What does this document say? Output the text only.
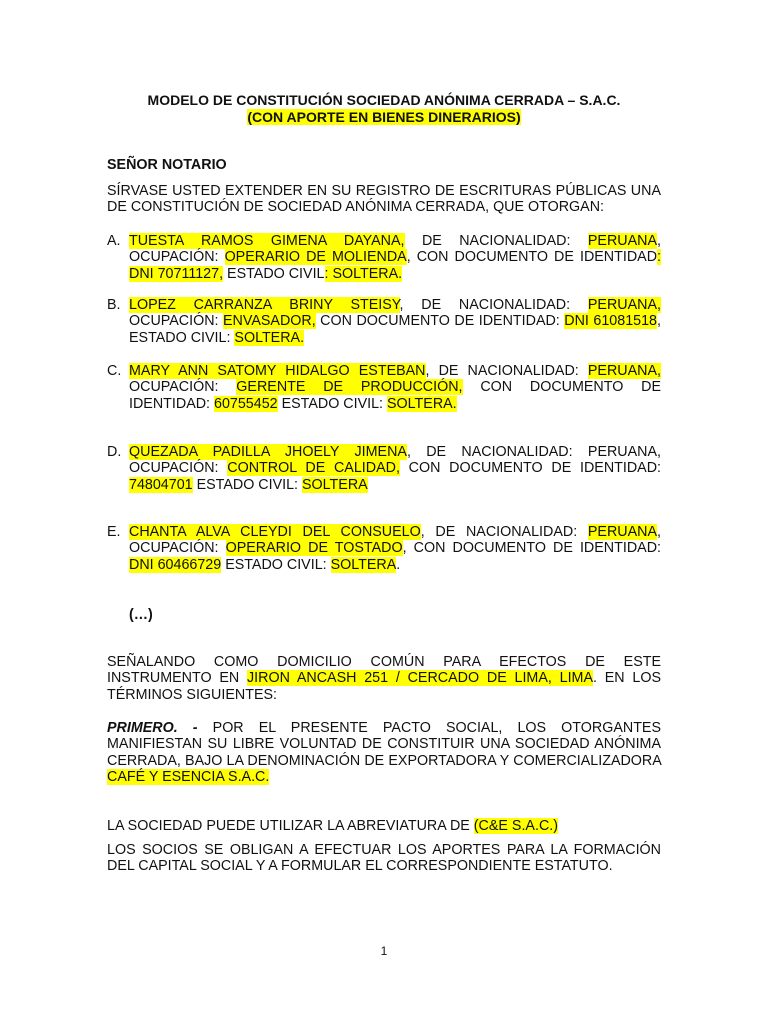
MODELO DE CONSTITUCIÓN SOCIEDAD ANÓNIMA CERRADA – S.A.C.
(CON APORTE EN BIENES DINERARIOS)
SEÑOR NOTARIO
SÍRVASE USTED EXTENDER EN SU REGISTRO DE ESCRITURAS PÚBLICAS UNA DE CONSTITUCIÓN DE SOCIEDAD ANÓNIMA CERRADA, QUE OTORGAN:
A. TUESTA RAMOS GIMENA DAYANA, DE NACIONALIDAD: PERUANA, OCUPACIÓN: OPERARIO DE MOLIENDA, CON DOCUMENTO DE IDENTIDAD: DNI 70711127, ESTADO CIVIL: SOLTERA.
B. LOPEZ CARRANZA BRINY STEISY, DE NACIONALIDAD: PERUANA, OCUPACIÓN: ENVASADOR, CON DOCUMENTO DE IDENTIDAD: DNI 61081518, ESTADO CIVIL: SOLTERA.
C. MARY ANN SATOMY HIDALGO ESTEBAN, DE NACIONALIDAD: PERUANA, OCUPACIÓN: GERENTE DE PRODUCCIÓN, CON DOCUMENTO DE IDENTIDAD: 60755452 ESTADO CIVIL: SOLTERA.
D. QUEZADA PADILLA JHOELY JIMENA, DE NACIONALIDAD: PERUANA, OCUPACIÓN: CONTROL DE CALIDAD, CON DOCUMENTO DE IDENTIDAD: 74804701 ESTADO CIVIL: SOLTERA
E. CHANTA ALVA CLEYDI DEL CONSUELO, DE NACIONALIDAD: PERUANA, OCUPACIÓN: OPERARIO DE TOSTADO, CON DOCUMENTO DE IDENTIDAD: DNI 60466729 ESTADO CIVIL: SOLTERA.
(…)
SEÑALANDO COMO DOMICILIO COMÚN PARA EFECTOS DE ESTE INSTRUMENTO EN JIRON ANCASH 251 / CERCADO DE LIMA, LIMA. EN LOS TÉRMINOS SIGUIENTES:
PRIMERO. - POR EL PRESENTE PACTO SOCIAL, LOS OTORGANTES MANIFIESTAN SU LIBRE VOLUNTAD DE CONSTITUIR UNA SOCIEDAD ANÓNIMA CERRADA, BAJO LA DENOMINACIÓN DE EXPORTADORA Y COMERCIALIZADORA CAFÉ Y ESENCIA S.A.C.
LA SOCIEDAD PUEDE UTILIZAR LA ABREVIATURA DE (C&E S.A.C.)
LOS SOCIOS SE OBLIGAN A EFECTUAR LOS APORTES PARA LA FORMACIÓN DEL CAPITAL SOCIAL Y A FORMULAR EL CORRESPONDIENTE ESTATUTO.
1
